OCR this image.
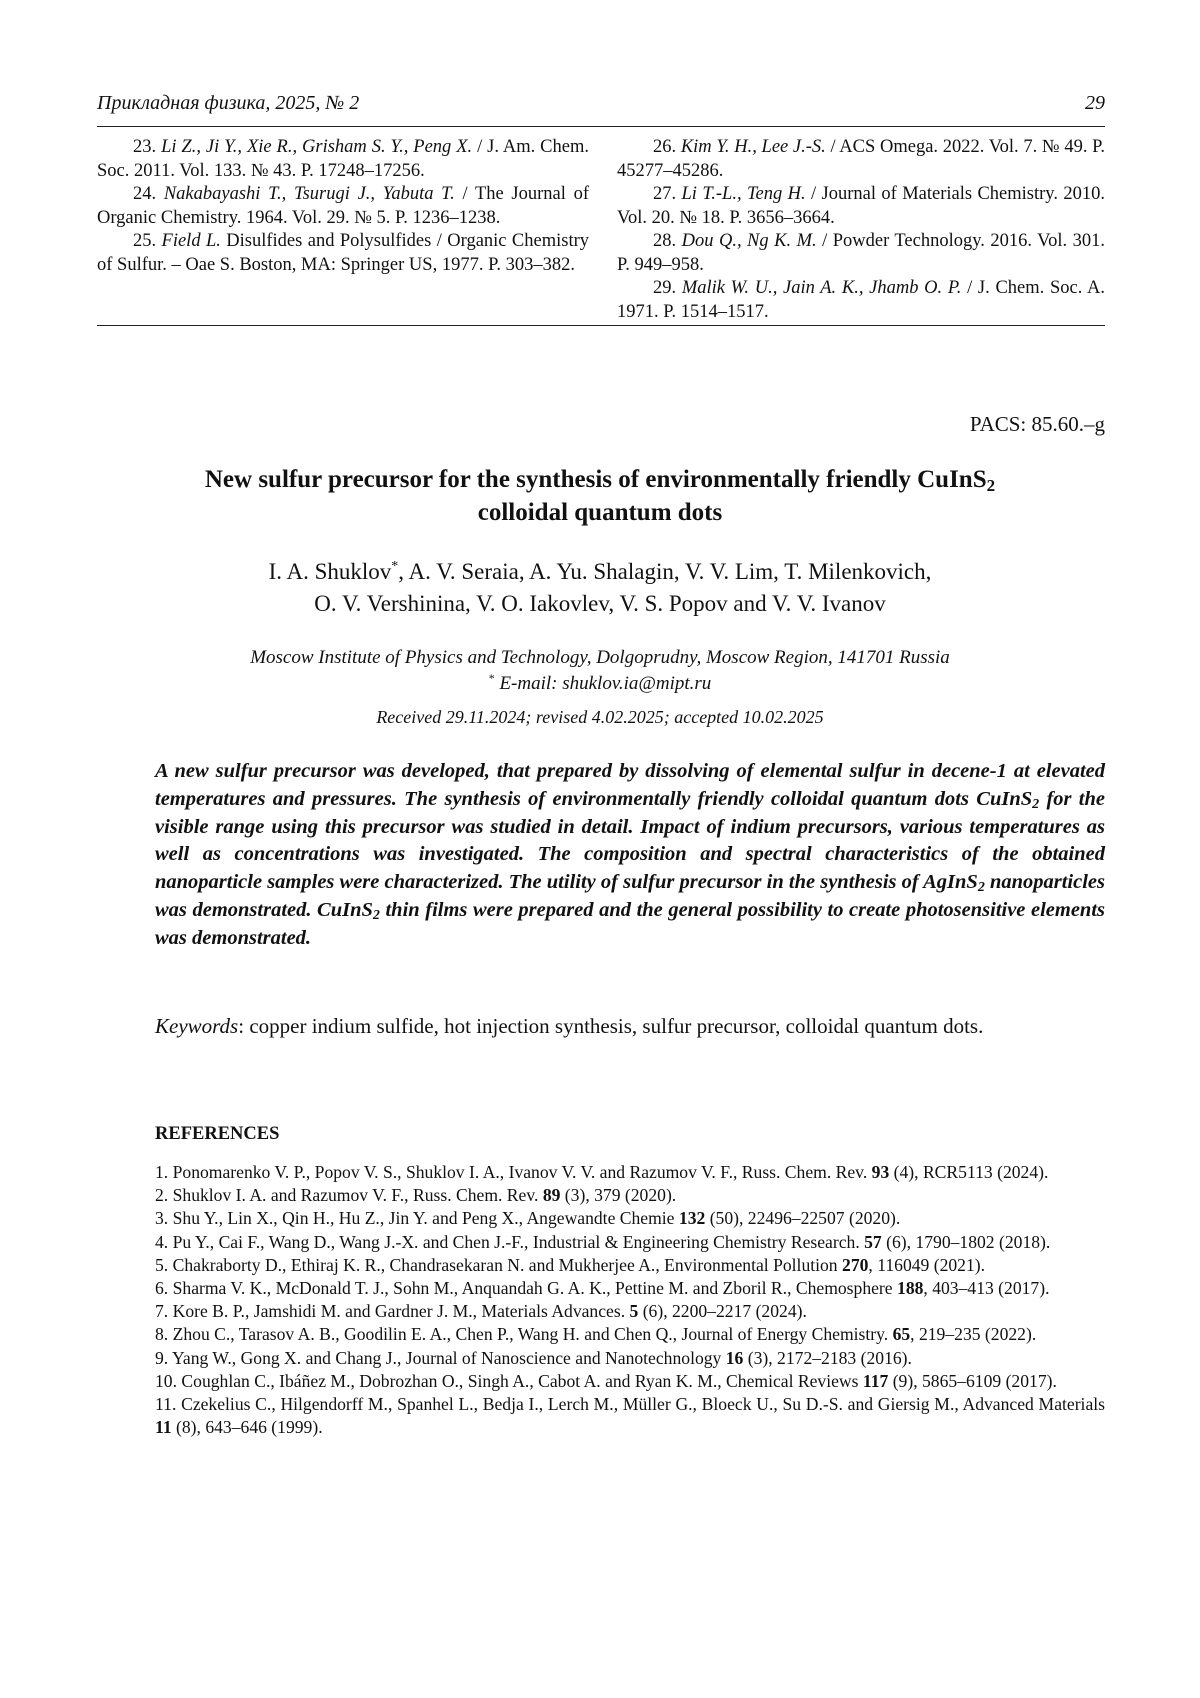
Прикладная физика, 2025, № 2	29

23. Li Z., Ji Y., Xie R., Grisham S. Y., Peng X. / J. Am. Chem. Soc. 2011. Vol. 133. № 43. P. 17248–17256.

24. Nakabayashi T., Tsurugi J., Yabuta T. / The Journal of Organic Chemistry. 1964. Vol. 29. № 5. P. 1236–1238.

25. Field L. Disulfides and Polysulfides / Organic Chemistry of Sulfur. – Oae S. Boston, MA: Springer US, 1977. P. 303–382.

26. Kim Y. H., Lee J.-S. / ACS Omega. 2022. Vol. 7. № 49. P. 45277–45286.

27. Li T.-L., Teng H. / Journal of Materials Chemistry. 2010. Vol. 20. № 18. P. 3656–3664.

28. Dou Q., Ng K. M. / Powder Technology. 2016. Vol. 301. P. 949–958.

29. Malik W. U., Jain A. K., Jhamb O. P. / J. Chem. Soc. A. 1971. P. 1514–1517.

PACS: 85.60.–g
New sulfur precursor for the synthesis of environmentally friendly CuInS$_2$
colloidal quantum dots
I. A. Shuklov*, A. V. Seraia, A. Yu. Shalagin, V. V. Lim, T. Milenkovich,
O. V. Vershinina, V. O. Iakovlev, V. S. Popov and V. V. Ivanov
Moscow Institute of Physics and Technology, Dolgoprudny, Moscow Region, 141701 Russia
* E-mail: shuklov.ia@mipt.ru
Received 29.11.2024; revised 4.02.2025; accepted 10.02.2025
A new sulfur precursor was developed, that prepared by dissolving of elemental sulfur in decene-1 at elevated temperatures and pressures. The synthesis of environmentally friendly colloidal quantum dots CuInS$_2$ for the visible range using this precursor was studied in detail. Impact of indium precursors, various temperatures as well as concentrations was investigated. The composition and spectral characteristics of the obtained nanoparticle samples were characterized. The utility of sulfur precursor in the synthesis of AgInS$_2$ nanoparticles was demonstrated. CuInS$_2$ thin films were prepared and the general possibility to create photosensitive elements was demonstrated.
Keywords: copper indium sulfide, hot injection synthesis, sulfur precursor, colloidal quantum dots.
REFERENCES

1. Ponomarenko V. P., Popov V. S., Shuklov I. A., Ivanov V. V. and Razumov V. F., Russ. Chem. Rev. 93 (4), RCR5113 (2024).

2. Shuklov I. A. and Razumov V. F., Russ. Chem. Rev. 89 (3), 379 (2020).

3. Shu Y., Lin X., Qin H., Hu Z., Jin Y. and Peng X., Angewandte Chemie 132 (50), 22496–22507 (2020).

4. Pu Y., Cai F., Wang D., Wang J.-X. and Chen J.-F., Industrial & Engineering Chemistry Research. 57 (6), 1790–1802 (2018).

5. Chakraborty D., Ethiraj K. R., Chandrasekaran N. and Mukherjee A., Environmental Pollution 270, 116049 (2021).

6. Sharma V. K., McDonald T. J., Sohn M., Anquandah G. A. K., Pettine M. and Zboril R., Chemosphere 188, 403–413 (2017).

7. Kore B. P., Jamshidi M. and Gardner J. M., Materials Advances. 5 (6), 2200–2217 (2024).

8. Zhou C., Tarasov A. B., Goodilin E. A., Chen P., Wang H. and Chen Q., Journal of Energy Chemistry. 65, 219–235 (2022).

9. Yang W., Gong X. and Chang J., Journal of Nanoscience and Nanotechnology 16 (3), 2172–2183 (2016).

10. Coughlan C., Ibáñez M., Dobrozhan O., Singh A., Cabot A. and Ryan K. M., Chemical Reviews 117 (9), 5865–6109 (2017).

11. Czekelius C., Hilgendorff M., Spanhel L., Bedja I., Lerch M., Müller G., Bloeck U., Su D.-S. and Giersig M., Advanced Materials 11 (8), 643–646 (1999).
